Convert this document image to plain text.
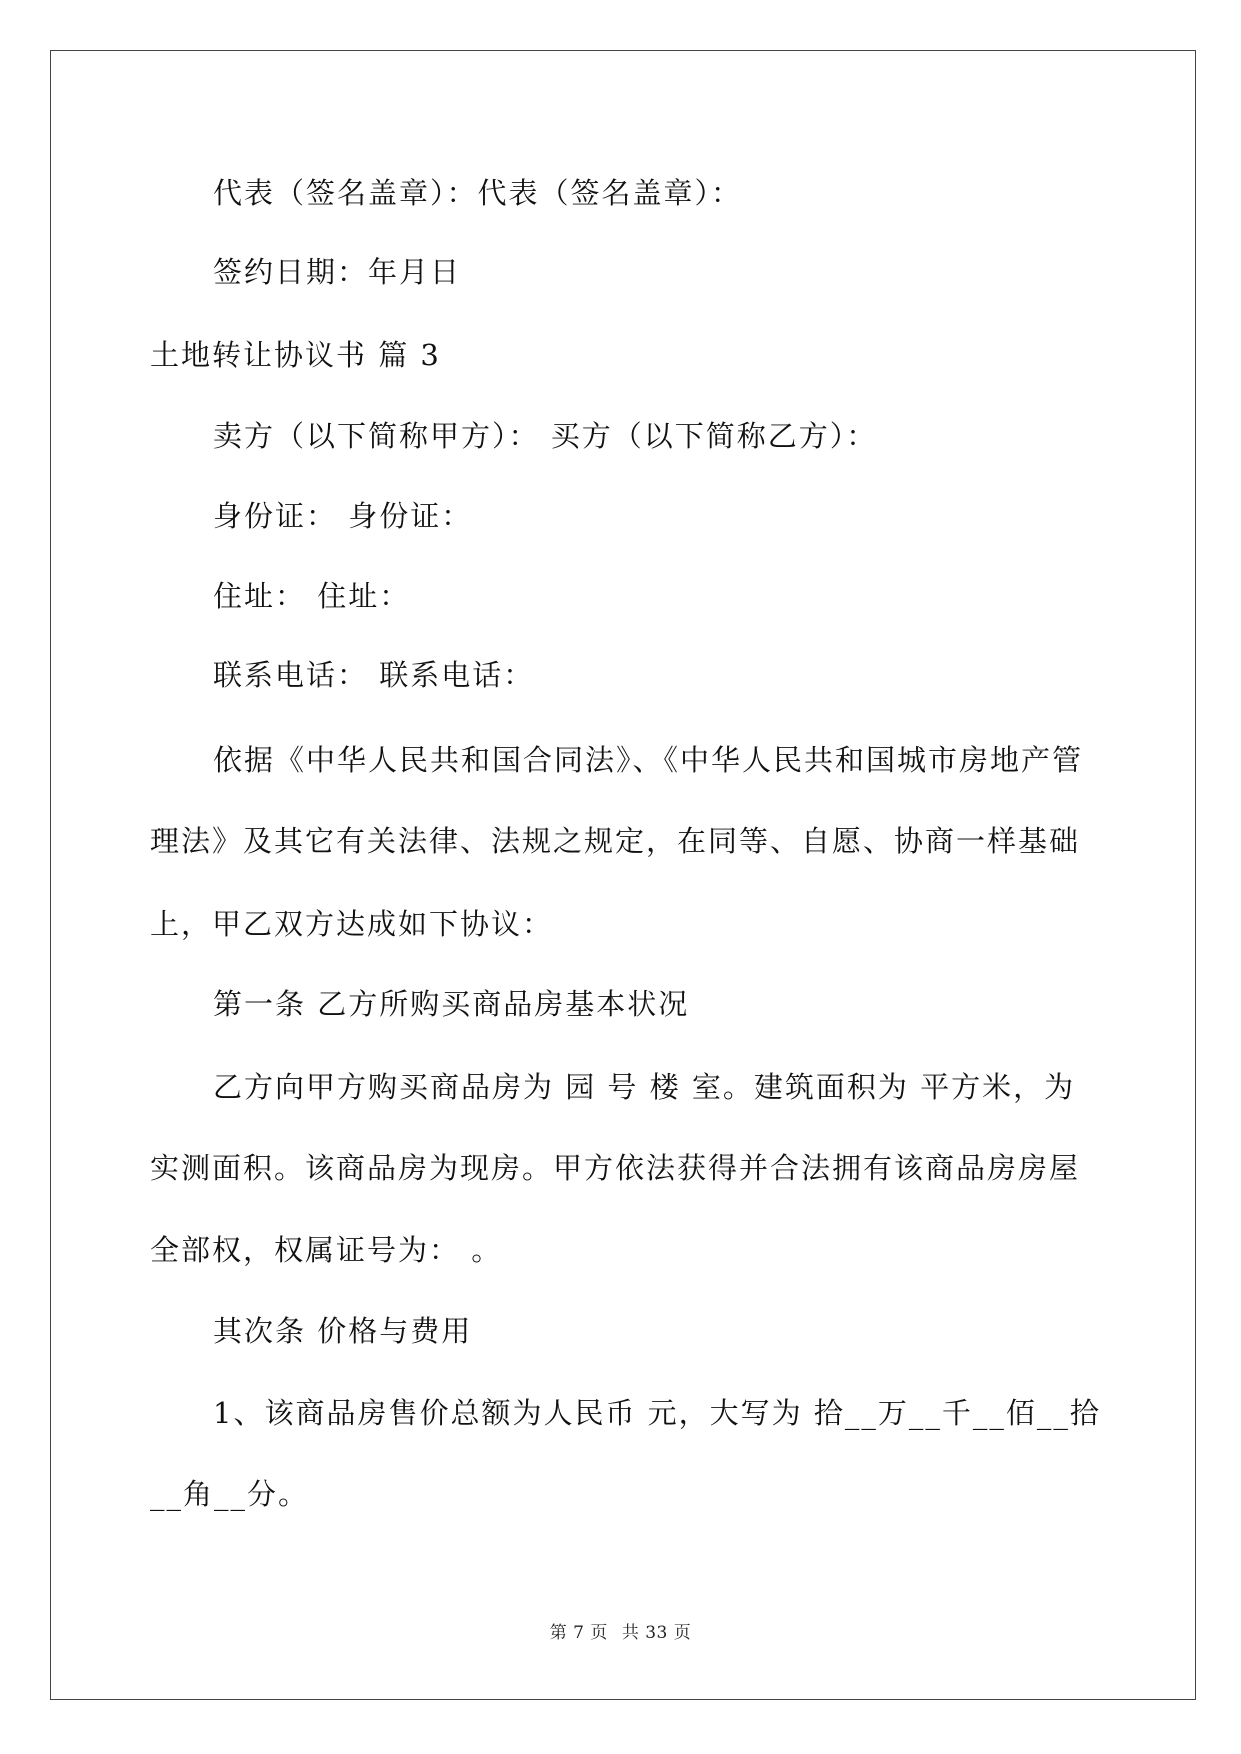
代表（签名盖章）：代表（签名盖章）：
签约日期：年月日
土地转让协议书 篇 3
卖方（以下简称甲方）： 买方（以下简称乙方）：
身份证： 身份证：
住址： 住址：
联系电话： 联系电话：
依据《中华人民共和国合同法》、《中华人民共和国城市房地产管
理法》及其它有关法律、法规之规定，在同等、自愿、协商一样基础
上，甲乙双方达成如下协议：
第一条 乙方所购买商品房基本状况
乙方向甲方购买商品房为 园 号 楼 室。建筑面积为 平方米，为
实测面积。该商品房为现房。甲方依法获得并合法拥有该商品房房屋
全部权，权属证号为： 。
其次条 价格与费用
1、该商品房售价总额为人民币 元，大写为 拾__万__千__佰__拾
__角__分。
第 7 页 共 33 页
